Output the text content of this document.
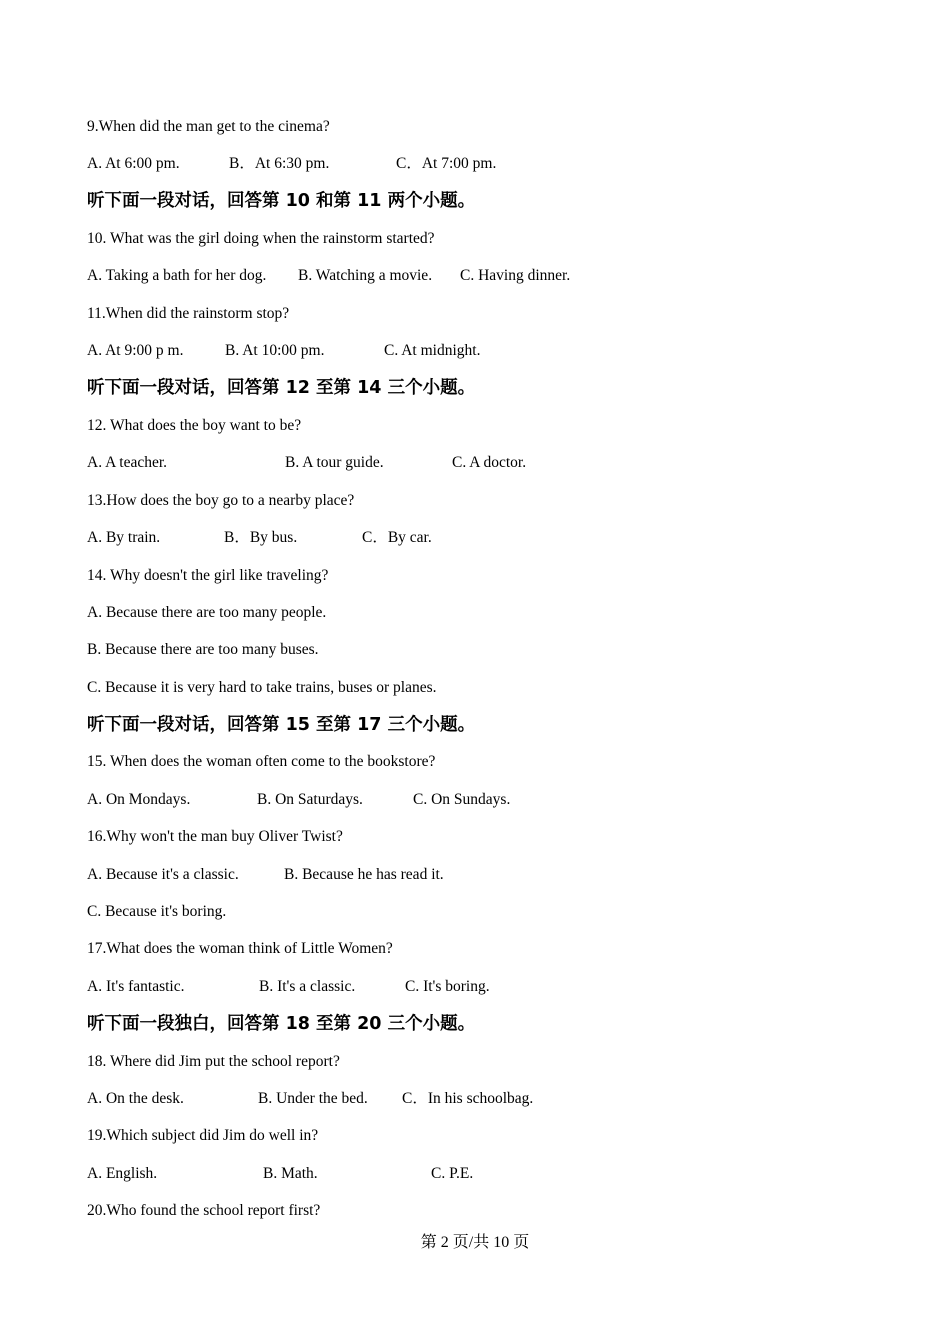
9.When did the man get to the cinema?
A. At 6:00 pm.	B．At 6:30 pm.	C．At 7:00 pm.
听下面一段对话，回答第 10 和第 11 两个小题。
10. What was the girl doing when the rainstorm started?
A. Taking a bath for her dog. B. Watching a movie. C. Having dinner.
11.When did the rainstorm stop?
A. At 9:00 p m.	B. At 10:00 pm.	C. At midnight.
听下面一段对话，回答第 12 至第 14 三个小题。
12. What does the boy want to be?
A. A teacher.	B. A tour guide.	C. A doctor.
13.How does the boy go to a nearby place?
A. By train.	B．By bus.	C．By car.
14. Why doesn't the girl like traveling?
A. Because there are too many people.
B. Because there are too many buses.
C. Because it is very hard to take trains, buses or planes.
听下面一段对话，回答第 15 至第 17 三个小题。
15. When does the woman often come to the bookstore?
A. On Mondays.	B. On Saturdays.	C. On Sundays.
16.Why won't the man buy Oliver Twist?
A. Because it's a classic.	B. Because he has read it.
C. Because it's boring.
17.What does the woman think of Little Women?
A. It's fantastic.	B. It's a classic.	C. It's boring.
听下面一段独白，回答第 18 至第 20 三个小题。
18. Where did Jim put the school report?
A. On the desk.	B. Under the bed. C．In his schoolbag.
19.Which subject did Jim do well in?
A. English.	B. Math.	C. P.E.
20.Who found the school report first?
第 2 页/共 10 页
